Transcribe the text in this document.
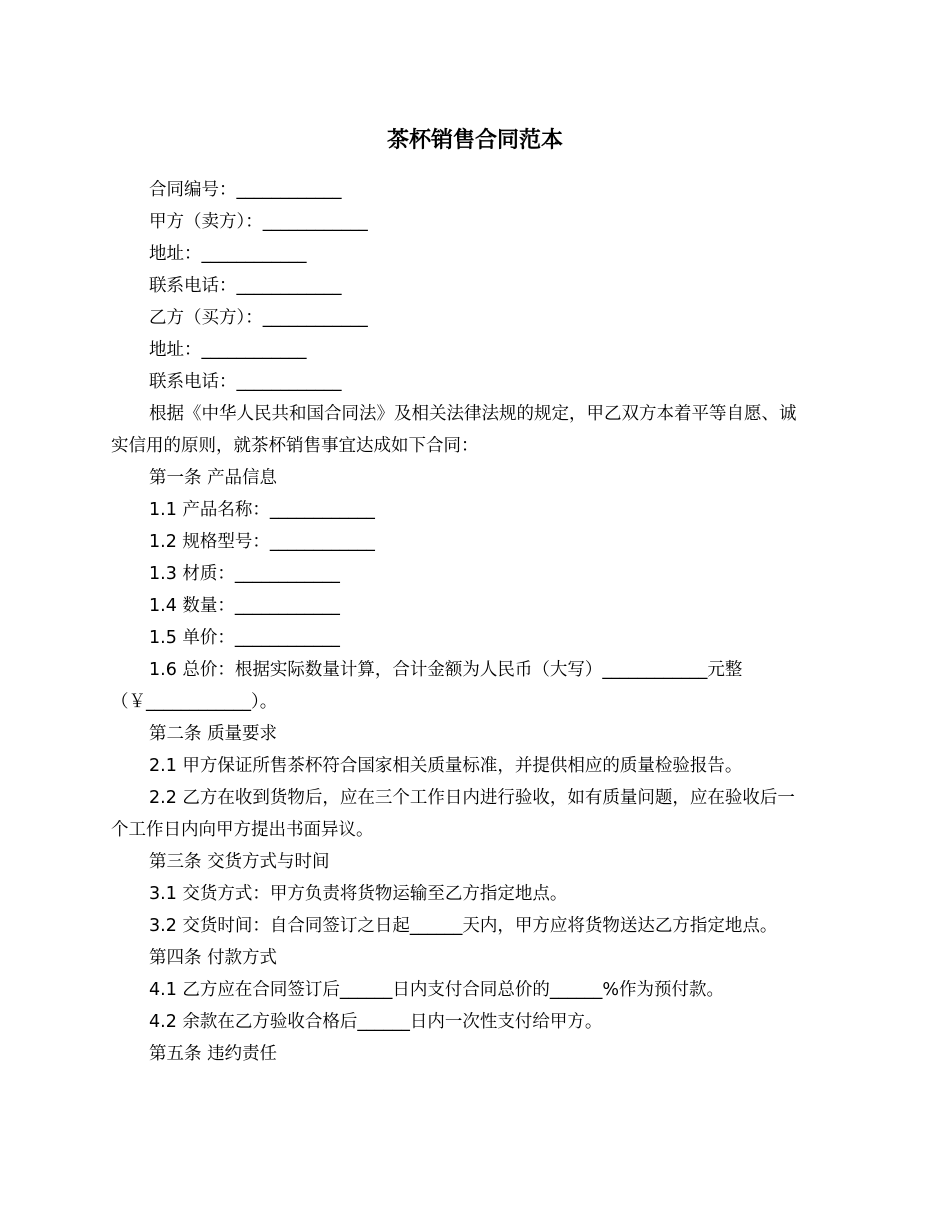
茶杯销售合同范本
合同编号：____________
甲方（卖方）：____________
地址：____________
联系电话：____________
乙方（买方）：____________
地址：____________
联系电话：____________
根据《中华人民共和国合同法》及相关法律法规的规定，甲乙双方本着平等自愿、诚
实信用的原则，就茶杯销售事宜达成如下合同：
第一条 产品信息
1.1 产品名称：____________
1.2 规格型号：____________
1.3 材质：____________
1.4 数量：____________
1.5 单价：____________
1.6 总价：根据实际数量计算，合计金额为人民币（大写）____________元整
（￥____________）。
第二条 质量要求
2.1 甲方保证所售茶杯符合国家相关质量标准，并提供相应的质量检验报告。
2.2 乙方在收到货物后，应在三个工作日内进行验收，如有质量问题，应在验收后一
个工作日内向甲方提出书面异议。
第三条 交货方式与时间
3.1 交货方式：甲方负责将货物运输至乙方指定地点。
3.2 交货时间：自合同签订之日起______天内，甲方应将货物送达乙方指定地点。
第四条 付款方式
4.1 乙方应在合同签订后______日内支付合同总价的______%作为预付款。
4.2 余款在乙方验收合格后______日内一次性支付给甲方。
第五条 违约责任
